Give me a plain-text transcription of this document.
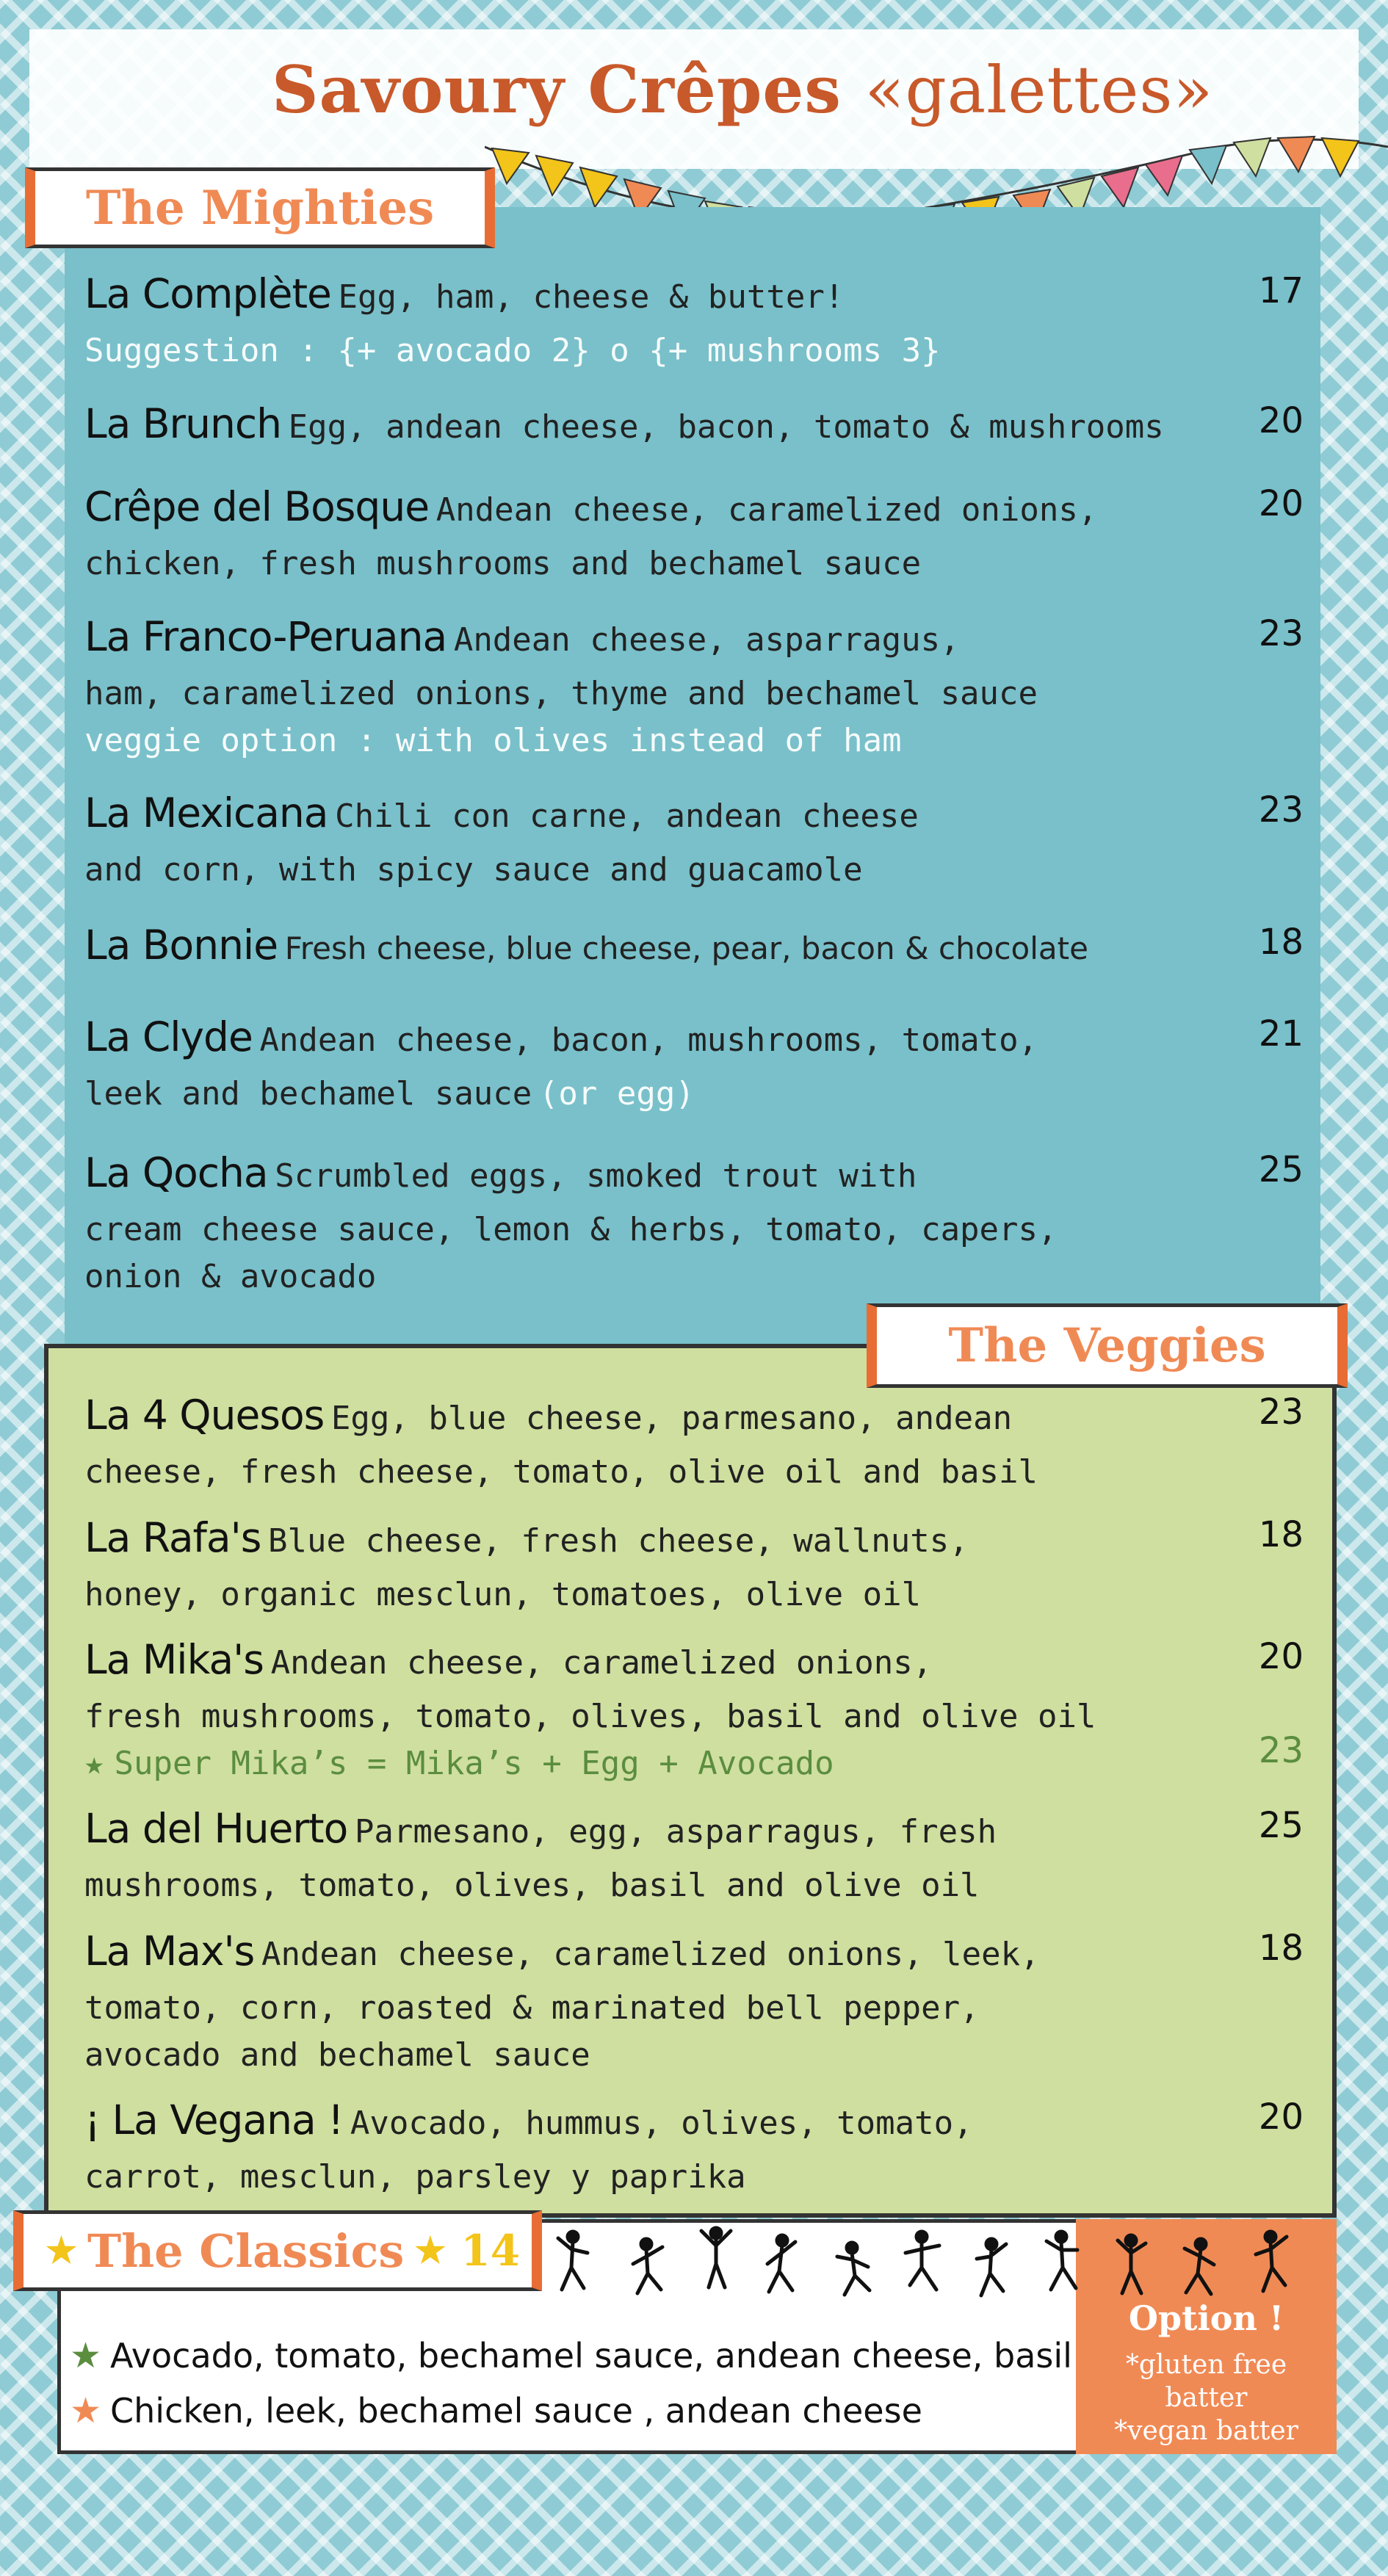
Savoury Crêpes «galettes»
The Mighties
La Complète Egg, ham, cheese & butter!
Suggestion : {+ avocado 2} o {+ mushrooms 3}
17
La Brunch Egg, andean cheese, bacon, tomato & mushrooms	20
Crêpe del Bosque Andean cheese, caramelized onions,
chicken, fresh mushrooms and bechamel sauce
20
La Franco-Peruana Andean cheese, asparragus,
ham, caramelized onions, thyme and bechamel sauce
veggie option : with olives instead of ham
23
La Mexicana Chili con carne, andean cheese
and corn, with spicy sauce and guacamole
23
La Bonnie Fresh cheese, blue cheese, pear, bacon & chocolate	18
La Clyde Andean cheese, bacon, mushrooms, tomato,
leek and bechamel sauce (or egg)
21
La Qocha Scrumbled eggs, smoked trout with
cream cheese sauce, lemon & herbs, tomato, capers,
onion & avocado
25
The Veggies
La 4 Quesos Egg, blue cheese, parmesano, andean
cheese, fresh cheese, tomato, olive oil and basil
23
La Rafa's Blue cheese, fresh cheese, wallnuts,
honey, organic mesclun, tomatoes, olive oil
18
La Mika's Andean cheese, caramelized onions,
fresh mushrooms, tomato, olives, basil and olive oil
★ Super Mika’s = Mika’s + Egg + Avocado
20
23
La del Huerto Parmesano, egg, asparragus, fresh
mushrooms, tomato, olives, basil and olive oil
25
La Max's Andean cheese, caramelized onions, leek,
tomato, corn, roasted & marinated bell pepper,
avocado and bechamel sauce
18
¡ La Vegana ! Avocado, hummus, olives, tomato,
carrot, mesclun, parsley y paprika
20
★ The Classics ★ 14
★ Avocado, tomato, bechamel sauce, andean cheese, basil
★ Chicken, leek, bechamel sauce , andean cheese
Option !
*gluten free
batter
*vegan batter
